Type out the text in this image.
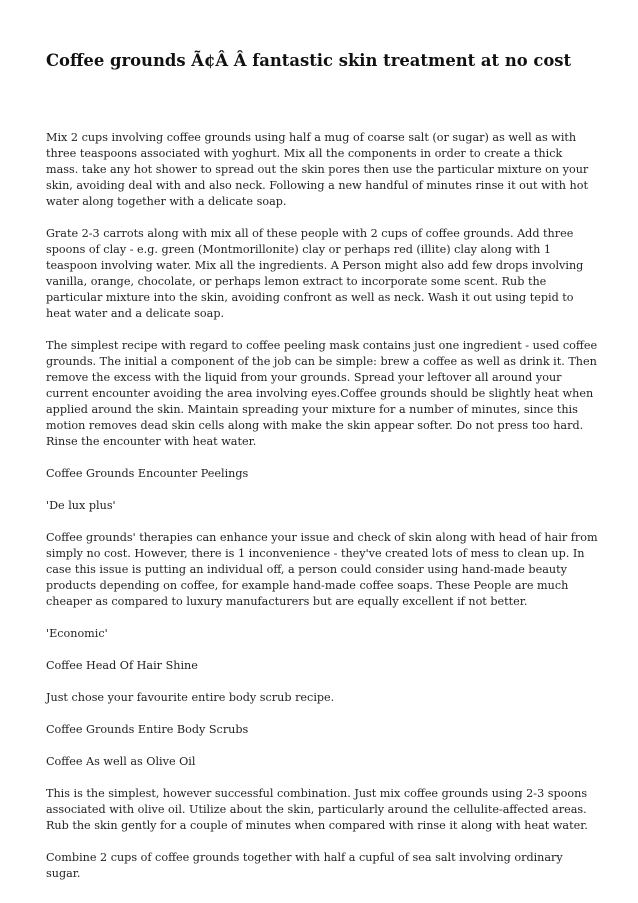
Coffee grounds Ã¢Â Â fantastic skin treatment at no cost

Mix 2 cups involving coffee grounds using half a mug of coarse salt (or sugar) as well as with three teaspoons associated with yoghurt. Mix all the components in order to create a thick mass. take any hot shower to spread out the skin pores then use the particular mixture on your skin, avoiding deal with and also neck. Following a new handful of minutes rinse it out with hot water along together with a delicate soap.

Grate 2-3 carrots along with mix all of these people with 2 cups of coffee grounds. Add three spoons of clay - e.g. green (Montmorillonite) clay or perhaps red (illite) clay along with 1 teaspoon involving water. Mix all the ingredients. A Person might also add few drops involving vanilla, orange, chocolate, or perhaps lemon extract to incorporate some scent. Rub the particular mixture into the skin, avoiding confront as well as neck. Wash it out using tepid to heat water and a delicate soap.

The simplest recipe with regard to coffee peeling mask contains just one ingredient - used coffee grounds. The initial a component of the job can be simple: brew a coffee as well as drink it. Then remove the excess with the liquid from your grounds. Spread your leftover all around your current encounter avoiding the area involving eyes.Coffee grounds should be slightly heat when applied around the skin. Maintain spreading your mixture for a number of minutes, since this motion removes dead skin cells along with make the skin appear softer. Do not press too hard. Rinse the encounter with heat water.

Coffee Grounds Encounter Peelings

'De lux plus'

Coffee grounds' therapies can enhance your issue and check of skin along with head of hair from simply no cost. However, there is 1 inconvenience - they've created lots of mess to clean up. In case this issue is putting an individual off, a person could consider using hand-made beauty products depending on coffee, for example hand-made coffee soaps. These People are much cheaper as compared to luxury manufacturers but are equally excellent if not better.

'Economic'

Coffee Head Of Hair Shine

Just chose your favourite entire body scrub recipe.

Coffee Grounds Entire Body Scrubs

Coffee As well as Olive Oil

This is the simplest, however successful combination. Just mix coffee grounds using 2-3 spoons associated with olive oil. Utilize about the skin, particularly around the cellulite-affected areas. Rub the skin gently for a couple of minutes when compared with rinse it along with heat water.

Combine 2 cups of coffee grounds together with half a cupful of sea salt involving ordinary sugar.
